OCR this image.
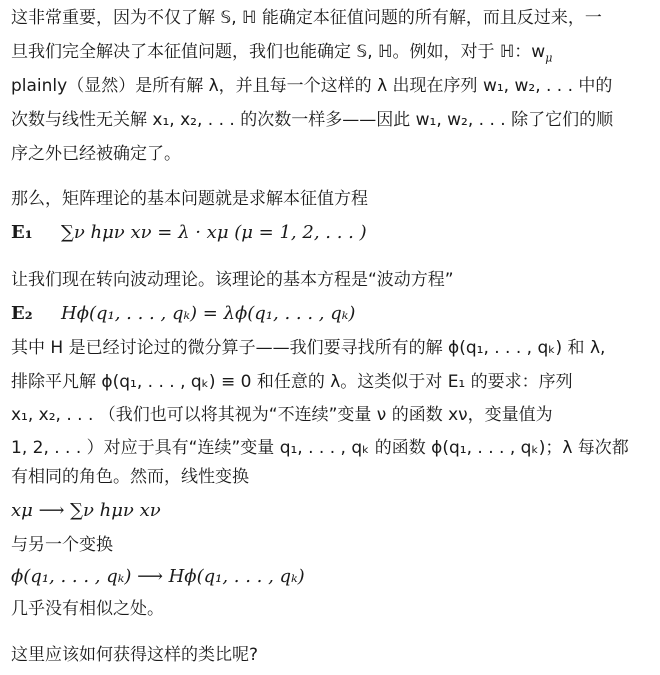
这非常重要，因为不仅了解 𝕊, ℍ 能确定本征值问题的所有解，而且反过来，一
旦我们完全解决了本征值问题，我们也能确定 𝕊, ℍ。例如，对于 ℍ：$w_\mu$
plainly（显然）是所有解 λ，并且每一个这样的 λ 出现在序列 w₁, w₂, . . . 中的
次数与线性无关解 x₁, x₂, . . . 的次数一样多——因此 w₁, w₂, . . . 除了它们的顺
序之外已经被确定了。
那么，矩阵理论的基本问题就是求解本征值方程
E₁ ∑ν hμν xν = λ · xμ (μ = 1, 2, . . . )
让我们现在转向波动理论。该理论的基本方程是“波动方程”
E₂ Hϕ(q₁, . . . , qₖ) = λϕ(q₁, . . . , qₖ)
其中 H 是已经讨论过的微分算子——我们要寻找所有的解 ϕ(q₁, . . . , qₖ) 和 λ,
排除平凡解 ϕ(q₁, . . . , qₖ) ≡ 0 和任意的 λ。这类似于对 E₁ 的要求：序列
x₁, x₂, . . . （我们也可以将其视为“不连续”变量 ν 的函数 xν，变量值为
1, 2, . . . ）对应于具有“连续”变量 q₁, . . . , qₖ 的函数 ϕ(q₁, . . . , qₖ)；λ 每次都
有相同的角色。然而，线性变换
xμ ⟶ ∑ν hμν xν
与另一个变换
ϕ(q₁, . . . , qₖ) ⟶ Hϕ(q₁, . . . , qₖ)
几乎没有相似之处。
这里应该如何获得这样的类比呢?
